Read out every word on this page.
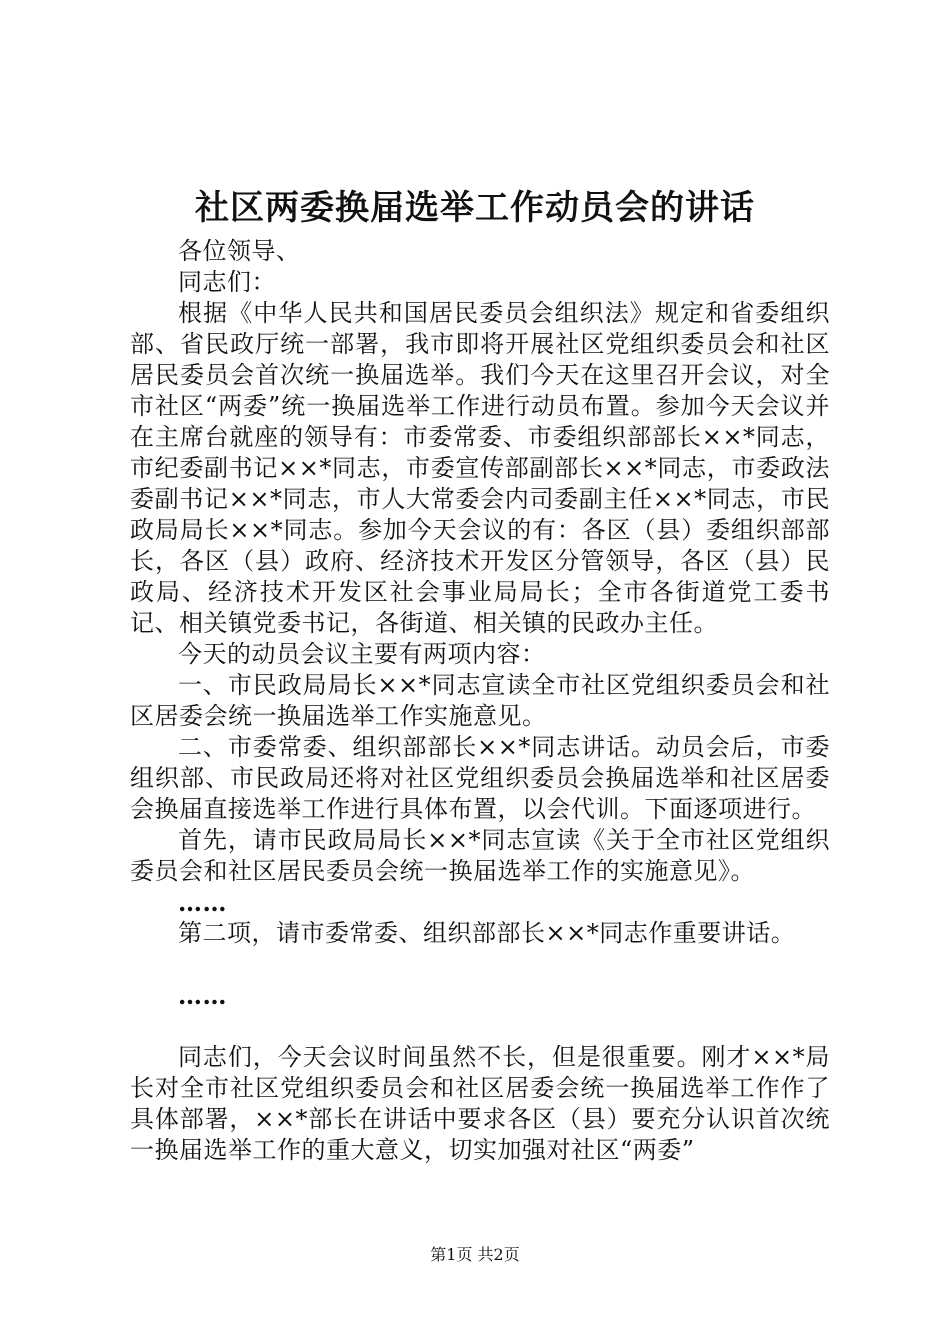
社区两委换届选举工作动员会的讲话

各位领导、

同志们：

根据《中华人民共和国居民委员会组织法》规定和省委组织部、省民政厅统一部署，我市即将开展社区党组织委员会和社区居民委员会首次统一换届选举。我们今天在这里召开会议，对全市社区“两委”统一换届选举工作进行动员布置。参加今天会议并在主席台就座的领导有：市委常委、市委组织部部长××*同志，市纪委副书记××*同志，市委宣传部副部长××*同志，市委政法委副书记××*同志，市人大常委会内司委副主任××*同志，市民政局局长××*同志。参加今天会议的有：各区（县）委组织部部长，各区（县）政府、经济技术开发区分管领导，各区（县）民政局、经济技术开发区社会事业局局长；全市各街道党工委书记、相关镇党委书记，各街道、相关镇的民政办主任。

今天的动员会议主要有两项内容：

一、市民政局局长××*同志宣读全市社区党组织委员会和社区居委会统一换届选举工作实施意见。

二、市委常委、组织部部长××*同志讲话。动员会后，市委组织部、市民政局还将对社区党组织委员会换届选举和社区居委会换届直接选举工作进行具体布置，以会代训。下面逐项进行。

首先，请市民政局局长××*同志宣读《关于全市社区党组织委员会和社区居民委员会统一换届选举工作的实施意见》。

……

第二项，请市委常委、组织部部长××*同志作重要讲话。

……

同志们，今天会议时间虽然不长，但是很重要。刚才××*局长对全市社区党组织委员会和社区居委会统一换届选举工作作了具体部署，××*部长在讲话中要求各区（县）要充分认识首次统一换届选举工作的重大意义，切实加强对社区“两委”

第1页 共2页
